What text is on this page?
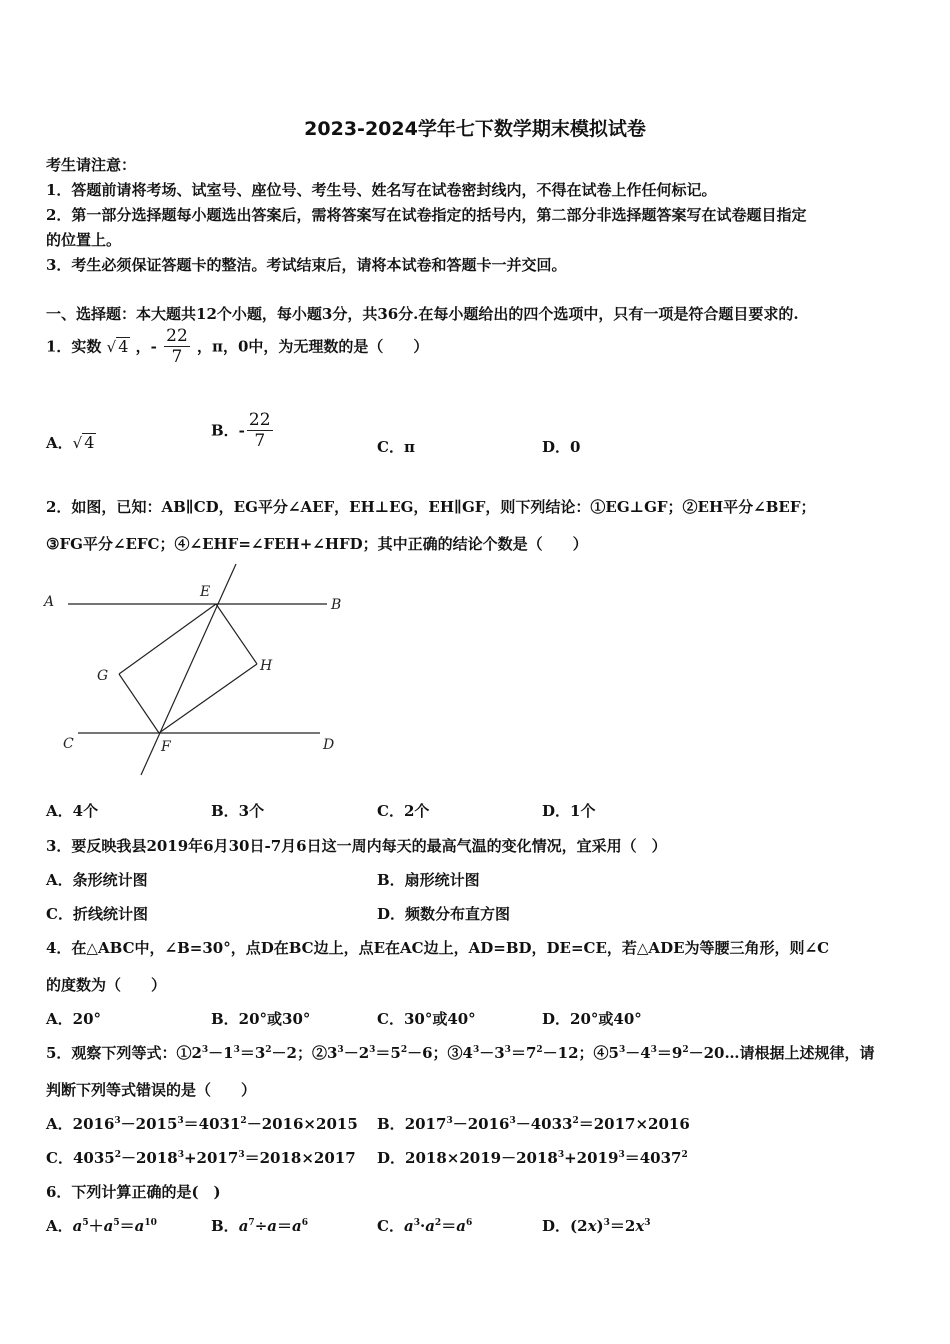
2023-2024学年七下数学期末模拟试卷
考生请注意：
1．答题前请将考场、试室号、座位号、考生号、姓名写在试卷密封线内，不得在试卷上作任何标记。
2．第一部分选择题每小题选出答案后，需将答案写在试卷指定的括号内，第二部分非选择题答案写在试卷题目指定
的位置上。
3．考生必须保证答题卡的整洁。考试结束后，请将本试卷和答题卡一并交回。
一、选择题：本大题共12个小题，每小题3分，共36分.在每小题给出的四个选项中，只有一项是符合题目要求的.
1．实数 √ 4 ，- $\frac{22}{7}$ ，π，0中，为无理数的是（　　）
A．√ 4
B．- $\frac{22}{7}$	C．π	D．0
2．如图，已知：AB∥CD，EG平分∠AEF，EH⊥EG，EH∥GF，则下列结论：①EG⊥GF；②EH平分∠BEF；
③FG平分∠EFC；④∠EHF=∠FEH+∠HFD；其中正确的结论个数是（　　）
A	B
E
G
H
C	F	D
A．4个	B．3个	C．2个	D．1个
3．要反映我县2019年6月30日-7月6日这一周内每天的最高气温的变化情况，宜采用（　）
A．条形统计图	B．扇形统计图
C．折线统计图	D．频数分布直方图
4．在△ABC中，∠B=30°，点D在BC边上，点E在AC边上，AD=BD，DE=CE，若△ADE为等腰三角形，则∠C
的度数为（　　）
A．20°	B．20°或30°	C．30°或40°	D．20°或40°
5．观察下列等式：$①2^3-1^3=3^2-2$；$②3^3-2^3=5^2-6$；$③4^3-3^3=7^2-12$；$④5^3-4^3=9^2-20\dots$请根据上述规律，请
判断下列等式错误的是（　　）
A．$2016^3-2015^3=4031^2-2016\times 2015$ B．$2017^3-2016^3-4033^2=2017\times 2016$
C．$4035^2-2018^3+2017^3=2018\times 2017$ D．$2018\times 2019-2018^3+2019^3=4037^2$
6．下列计算正确的是(　)
A．$a^5+a^5=a^{10}$	B．$a^7\div a=a^6$	C．$a^3\cdot a^2=a^6$	D．$(2x)^3=2x^3$
